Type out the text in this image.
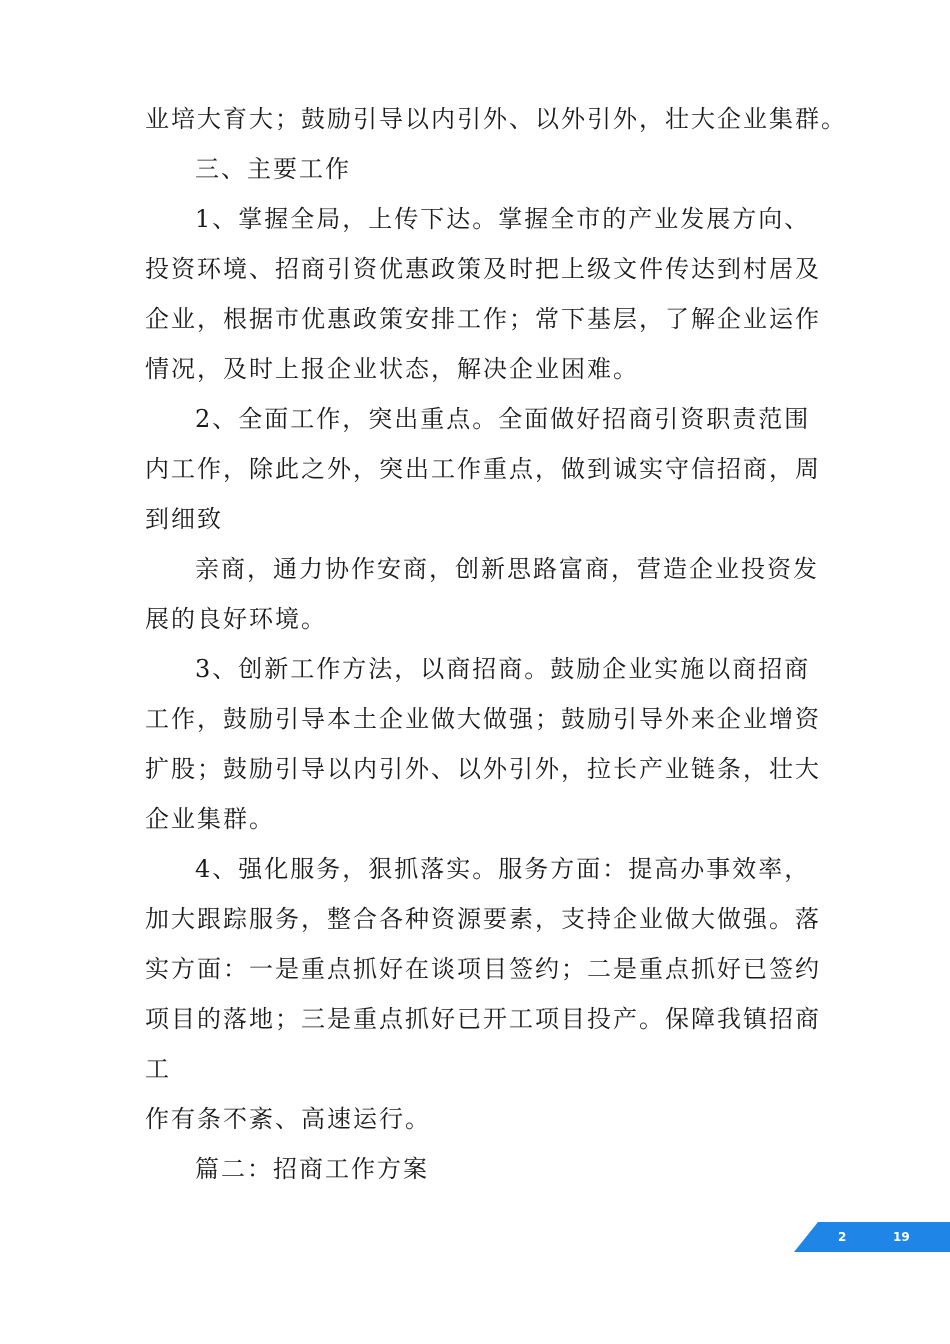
业培大育大；鼓励引导以内引外、以外引外，壮大企业集群。
三、主要工作
1、掌握全局，上传下达。掌握全市的产业发展方向、
投资环境、招商引资优惠政策及时把上级文件传达到村居及
企业，根据市优惠政策安排工作；常下基层，了解企业运作
情况，及时上报企业状态，解决企业困难。
2、全面工作，突出重点。全面做好招商引资职责范围
内工作，除此之外，突出工作重点，做到诚实守信招商，周
到细致
亲商，通力协作安商，创新思路富商，营造企业投资发
展的良好环境。
3、创新工作方法，以商招商。鼓励企业实施以商招商
工作，鼓励引导本土企业做大做强；鼓励引导外来企业增资
扩股；鼓励引导以内引外、以外引外，拉长产业链条，壮大
企业集群。
4、强化服务，狠抓落实。服务方面：提高办事效率，
加大跟踪服务，整合各种资源要素，支持企业做大做强。落
实方面：一是重点抓好在谈项目签约；二是重点抓好已签约
项目的落地；三是重点抓好已开工项目投产。保障我镇招商
工
作有条不紊、高速运行。
篇二：招商工作方案
2	19
